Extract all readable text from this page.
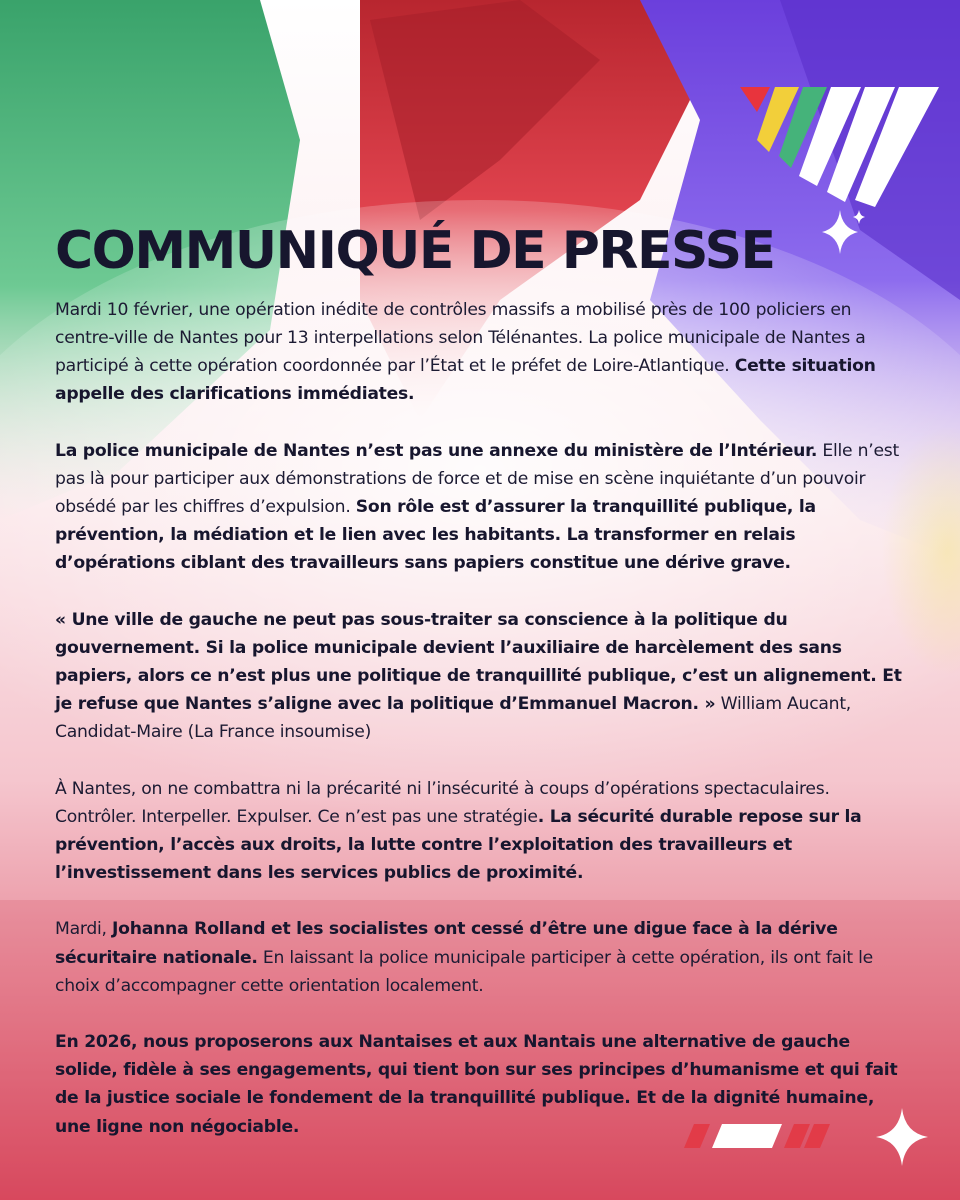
COMMUNIQUÉ DE PRESSE

Mardi 10 février, une opération inédite de contrôles massifs a mobilisé près de 100 policiers en centre-ville de Nantes pour 13 interpellations selon Télénantes. La police municipale de Nantes a participé à cette opération coordonnée par l’État et le préfet de Loire-Atlantique. Cette situation appelle des clarifications immédiates.

La police municipale de Nantes n’est pas une annexe du ministère de l’Intérieur. Elle n’est pas là pour participer aux démonstrations de force et de mise en scène inquiétante d’un pouvoir obsédé par les chiffres d’expulsion. Son rôle est d’assurer la tranquillité publique, la prévention, la médiation et le lien avec les habitants. La transformer en relais d’opérations ciblant des travailleurs sans papiers constitue une dérive grave.

« Une ville de gauche ne peut pas sous-traiter sa conscience à la politique du gouvernement. Si la police municipale devient l’auxiliaire de harcèlement des sans papiers, alors ce n’est plus une politique de tranquillité publique, c’est un alignement. Et je refuse que Nantes s’aligne avec la politique d’Emmanuel Macron. » William Aucant, Candidat-Maire (La France insoumise)

À Nantes, on ne combattra ni la précarité ni l’insécurité à coups d’opérations spectaculaires. Contrôler. Interpeller. Expulser. Ce n’est pas une stratégie. La sécurité durable repose sur la prévention, l’accès aux droits, la lutte contre l’exploitation des travailleurs et l’investissement dans les services publics de proximité.

Mardi, Johanna Rolland et les socialistes ont cessé d’être une digue face à la dérive sécuritaire nationale. En laissant la police municipale participer à cette opération, ils ont fait le choix d’accompagner cette orientation localement.

En 2026, nous proposerons aux Nantaises et aux Nantais une alternative de gauche solide, fidèle à ses engagements, qui tient bon sur ses principes d’humanisme et qui fait de la justice sociale le fondement de la tranquillité publique. Et de la dignité humaine, une ligne non négociable.
